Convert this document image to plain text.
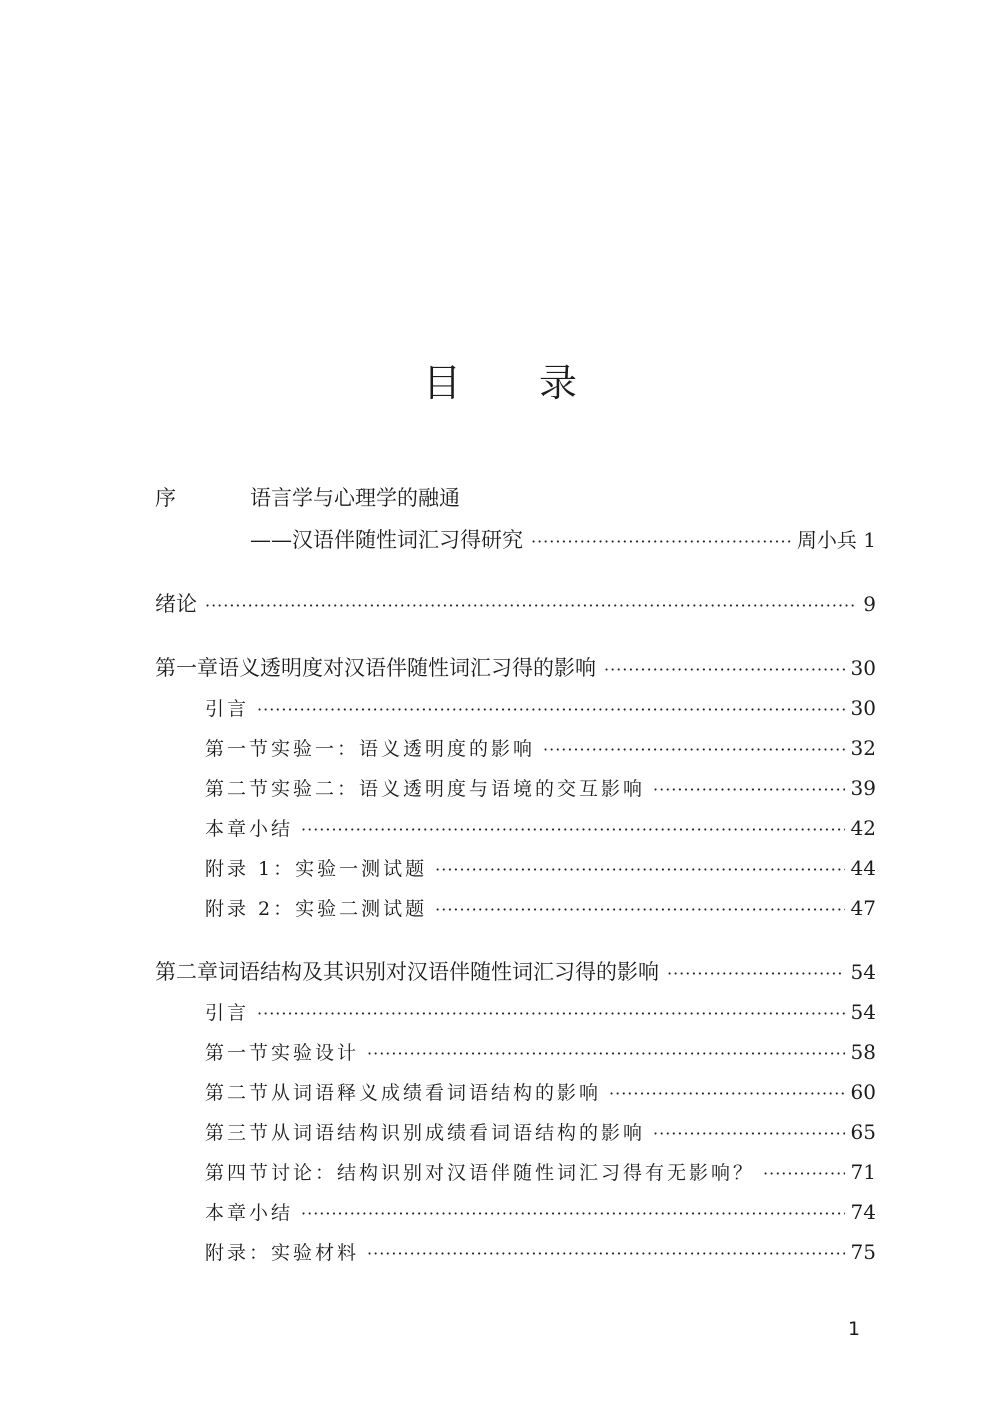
目 录
序	语言学与心理学的融通
——汉语伴随性词汇习得研究 ·····	周小兵 1
绪论 ·····	9
第一章 语义透明度对汉语伴随性词汇习得的影响 ·····	30
引言 ·····	30
第一节 实验一：语义透明度的影响 ·····	32
第二节 实验二：语义透明度与语境的交互影响 ·····	39
本章小结 ·····	42
附录 1：实验一测试题 ·····	44
附录 2：实验二测试题 ·····	47
第二章 词语结构及其识别对汉语伴随性词汇习得的影响 ·····	54
引言 ·····	54
第一节 实验设计 ·····	58
第二节 从词语释义成绩看词语结构的影响 ·····	60
第三节 从词语结构识别成绩看词语结构的影响 ·····	65
第四节 讨论：结构识别对汉语伴随性词汇习得有无影响？ ·····	71
本章小结 ·····	74
附录：实验材料 ·····	75
1
